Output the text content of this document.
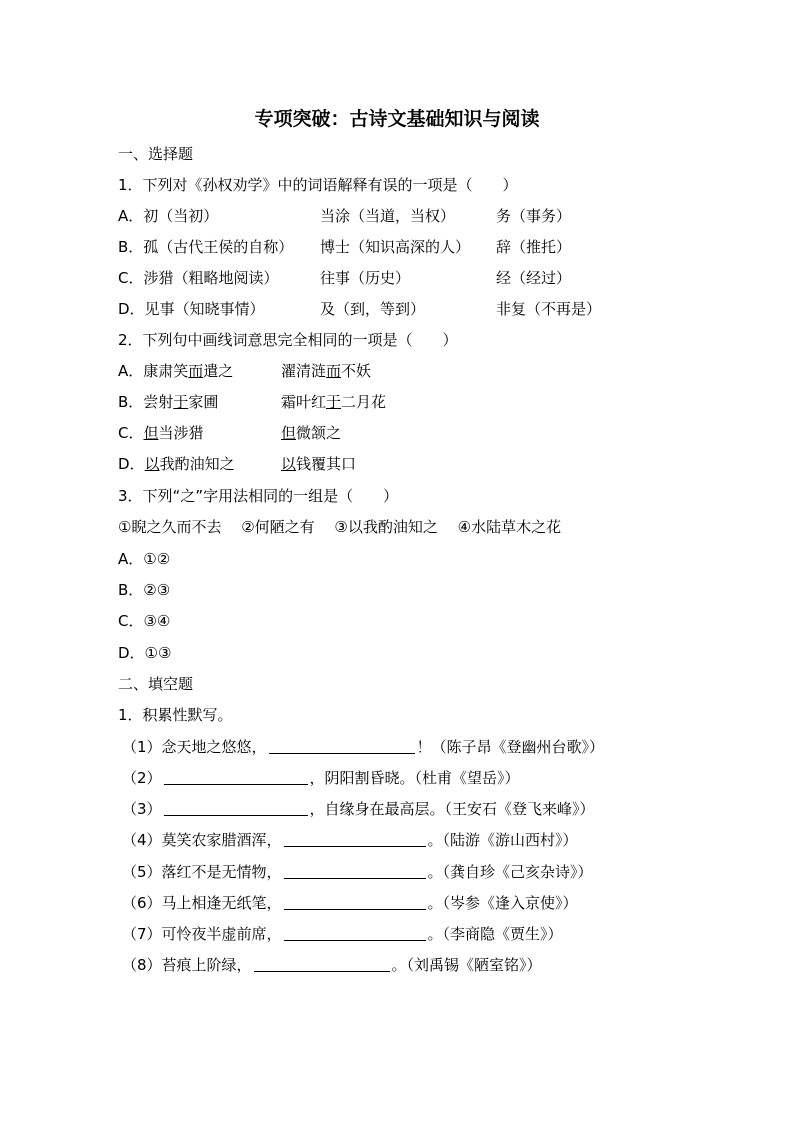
专项突破：古诗文基础知识与阅读
一、选择题
1．下列对《孙权劝学》中的词语解释有误的一项是（　　）
A．初（当初）	当涂（当道，当权）	务（事务）
B．孤（古代王侯的自称） 博士（知识高深的人） 辞（推托）
C．涉猎（粗略地阅读）	往事（历史）	经（经过）
D．见事（知晓事情）	及（到，等到）	非复（不再是）
2．下列句中画线词意思完全相同的一项是（　　）
A．康肃笑而遣之	濯清涟而不妖
B．尝射于家圃	霜叶红于二月花
C．但当涉猎	但微颔之
D．以我酌油知之	以钱覆其口
3．下列“之”字用法相同的一组是（　　）
①睨之久而不去　 ②何陋之有　 ③以我酌油知之　 ④水陆草木之花
A．①②
B．②③
C．③④
D．①③
二、填空题
1．积累性默写。
（1）念天地之悠悠，	！（陈子昂《登幽州台歌》）
（2）	，阴阳割昏晓。（杜甫《望岳》）
（3）	，自缘身在最高层。（王安石《登飞来峰》）
（4）莫笑农家腊酒浑，	。（陆游《游山西村》）
（5）落红不是无情物，	。（龚自珍《己亥杂诗》）
（6）马上相逢无纸笔，	。（岑参《逢入京使》）
（7）可怜夜半虚前席，	。（李商隐《贾生》）
（8）苔痕上阶绿，	。（刘禹锡《陋室铭》）
